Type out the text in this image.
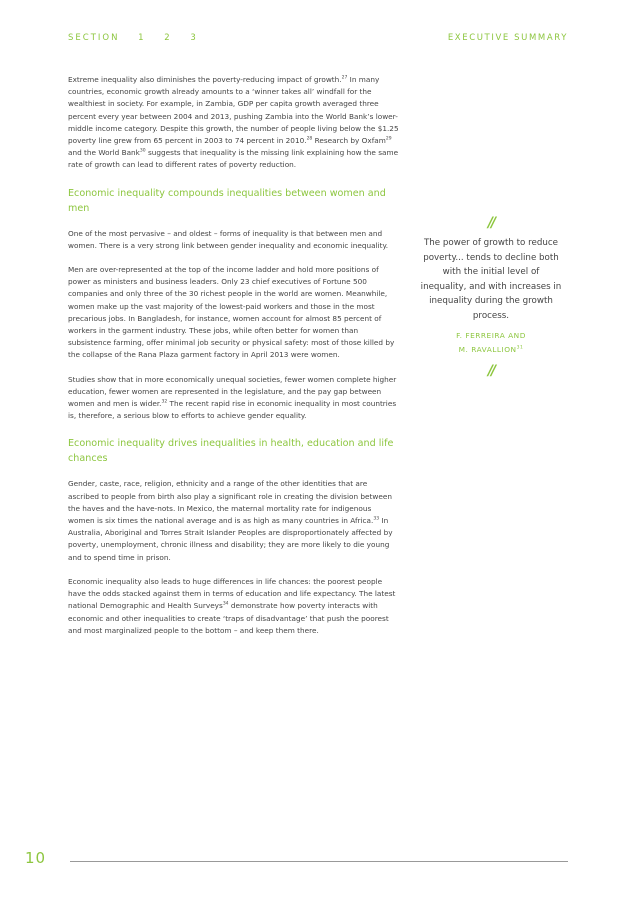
SECTION 1 2 3	EXECUTIVE SUMMARY

Extreme inequality also diminishes the poverty-reducing impact of growth.$^{27}$ In many countries, economic growth already amounts to a ‘winner takes all’ windfall for the wealthiest in society. For example, in Zambia, GDP per capita growth averaged three percent every year between 2004 and 2013, pushing Zambia into the World Bank’s lower-middle income category. Despite this growth, the number of people living below the $1.25 poverty line grew from 65 percent in 2003 to 74 percent in 2010.28 Research by Oxfam$^{29}$ and the World Bank$^{30}$ suggests that inequality is the missing link explaining how the same rate of growth can lead to different rates of poverty reduction.

Economic inequality compounds inequalities between women and men

One of the most pervasive – and oldest – forms of inequality is that between men and women. There is a very strong link between gender inequality and economic inequality.

Men are over-represented at the top of the income ladder and hold more positions of power as ministers and business leaders. Only 23 chief executives of Fortune 500 companies and only three of the 30 richest people in the world are women. Meanwhile, women make up the vast majority of the lowest-paid workers and those in the most precarious jobs. In Bangladesh, for instance, women account for almost 85 percent of workers in the garment industry. These jobs, while often better for women than subsistence farming, offer minimal job security or physical safety: most of those killed by the collapse of the Rana Plaza garment factory in April 2013 were women.

Studies show that in more economically unequal societies, fewer women complete higher education, fewer women are represented in the legislature, and the pay gap between women and men is wider.$^{32}$ The recent rapid rise in economic inequality in most countries is, therefore, a serious blow to efforts to achieve gender equality.

Economic inequality drives inequalities in health, education and life chances

Gender, caste, race, religion, ethnicity and a range of the other identities that are ascribed to people from birth also play a significant role in creating the division between the haves and the have-nots. In Mexico, the maternal mortality rate for indigenous women is six times the national average and is as high as many countries in Africa.$^{33}$ In Australia, Aboriginal and Torres Strait Islander Peoples are disproportionately affected by poverty, unemployment, chronic illness and disability; they are more likely to die young and to spend time in prison.

Economic inequality also leads to huge differences in life chances: the poorest people have the odds stacked against them in terms of education and life expectancy. The latest national Demographic and Health Surveys$^{34}$ demonstrate how poverty interacts with economic and other inequalities to create ‘traps of disadvantage’ that push the poorest and most marginalized people to the bottom – and keep them there.

//
The power of growth to reduce poverty... tends to decline both with the initial level of inequality, and with increases in inequality during the growth process.
F. FERREIRA AND
M. RAVALLION$^{31}$
//
10
